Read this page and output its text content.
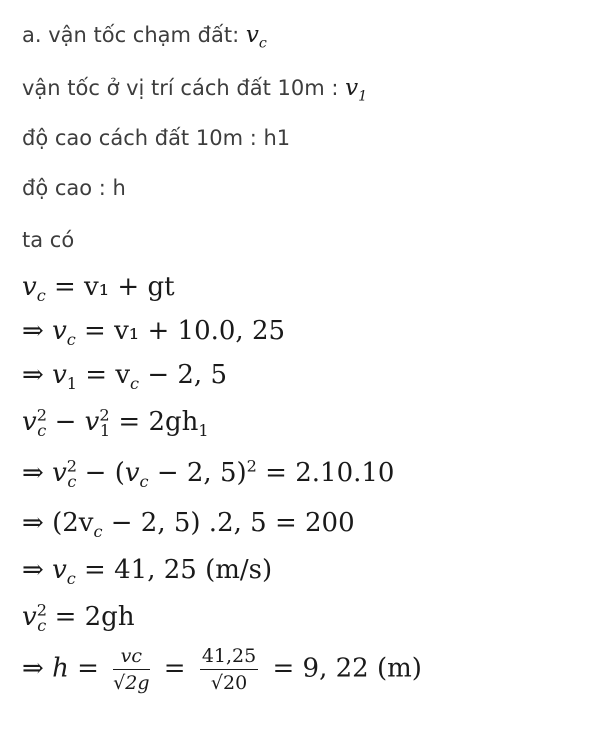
a. vận tốc chạm đất: $v_c$
vận tốc ở vị trí cách đất 10m : $v_1$
độ cao cách đất 10m : h1
độ cao : h
ta có
$v_c = v_1$ + gt
⇒ $v_c = v_1 + 10.0$, 25
⇒ $v_1 = v_c - 2$, 5
$v^2_c - v^2_1 = 2gh_1$
⇒ $v^2_c - (v_c - 2$, 5)$^2$ = 2.10.10
⇒ ($2v_c - 2$, 5) .2, 5 = 200
⇒ $v_c = 41$, 25 (m/s)
$v^2_c = 2gh$
⇒ $h = \frac{vc}{√2g} = \frac{41,25}{√20} = 9$, 22 (m)
